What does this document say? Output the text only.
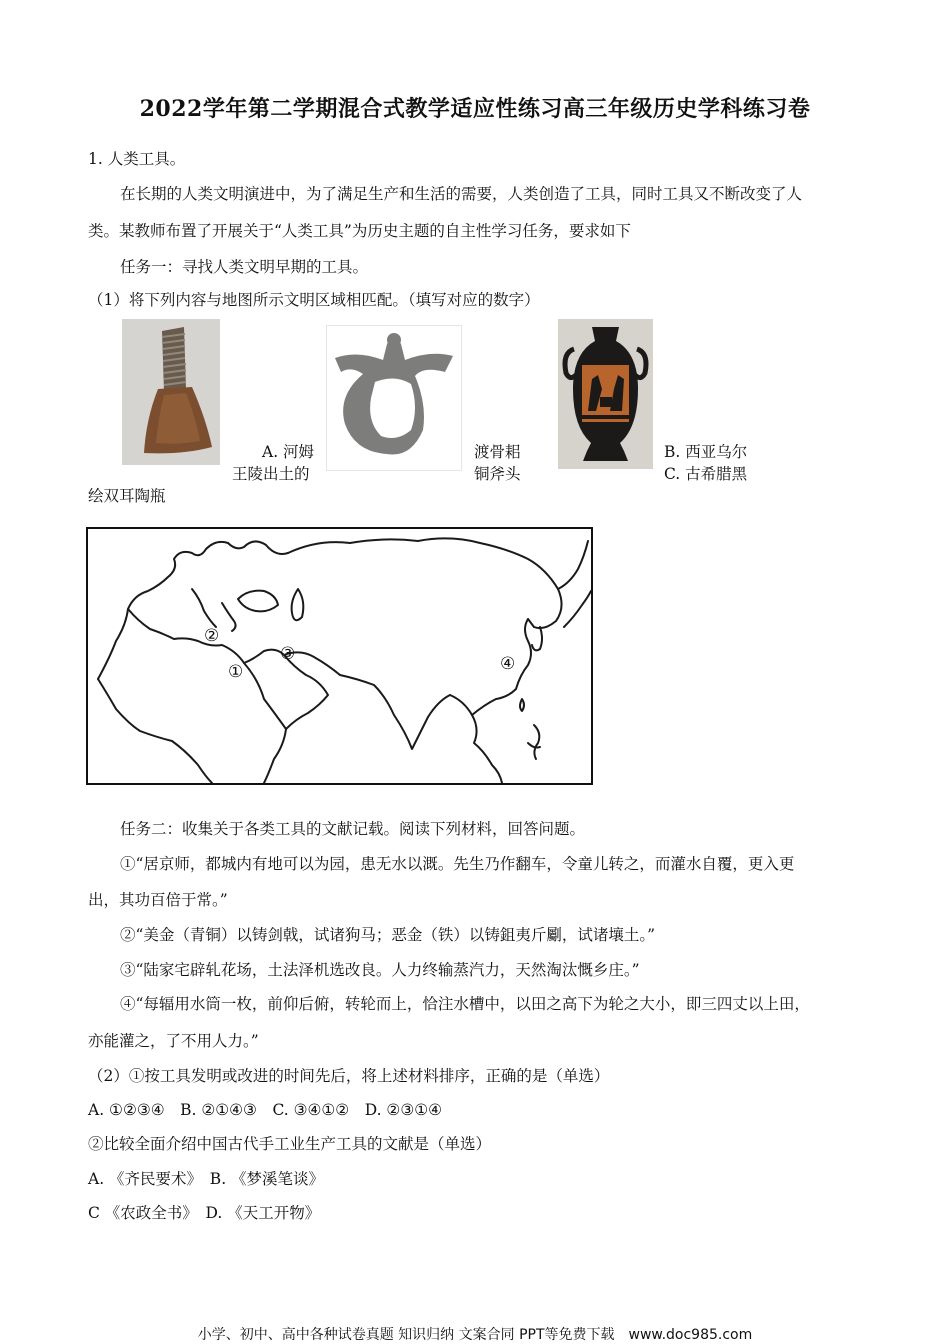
2022学年第二学期混合式教学适应性练习高三年级历史学科练习卷
1. 人类工具。
在长期的人类文明演进中，为了满足生产和生活的需要，人类创造了工具，同时工具又不断改变了人
类。某教师布置了开展关于“人类工具”为历史主题的自主性学习任务，要求如下
任务一：寻找人类文明早期的工具。
（1）将下列内容与地图所示文明区域相匹配。（填写对应的数字）
A. 河姆
王陵出土的
渡骨耜
铜斧头
B. 西亚乌尔
C. 古希腊黑
绘双耳陶瓶
②
③
①	④
任务二：收集关于各类工具的文献记载。阅读下列材料，回答问题。
①“居京师，都城内有地可以为园，患无水以溉。先生乃作翻车，令童儿转之，而灌水自覆，更入更
出，其功百倍于常。”
②“美金（青铜）以铸剑戟，试诸狗马；恶金（铁）以铸鉏夷斤劚，试诸壤土。”
③“陆家宅辟轧花场，土法泽机选改良。人力终输蒸汽力，天然淘汰慨乡庄。”
④“每辐用水筒一枚，前仰后俯，转轮而上，恰注水槽中，以田之高下为轮之大小，即三四丈以上田，
亦能灌之，了不用人力。”
（2）①按工具发明或改进的时间先后，将上述材料排序，正确的是（单选）
A. ①②③④　B. ②①④③　C. ③④①②　D. ②③①④
②比较全面介绍中国古代手工业生产工具的文献是（单选）
A. 《齐民要术》　B. 《梦溪笔谈》
C 《农政全书》　D. 《天工开物》
小学、初中、高中各种试卷真题 知识归纳 文案合同 PPT等免费下载　www.doc985.com
